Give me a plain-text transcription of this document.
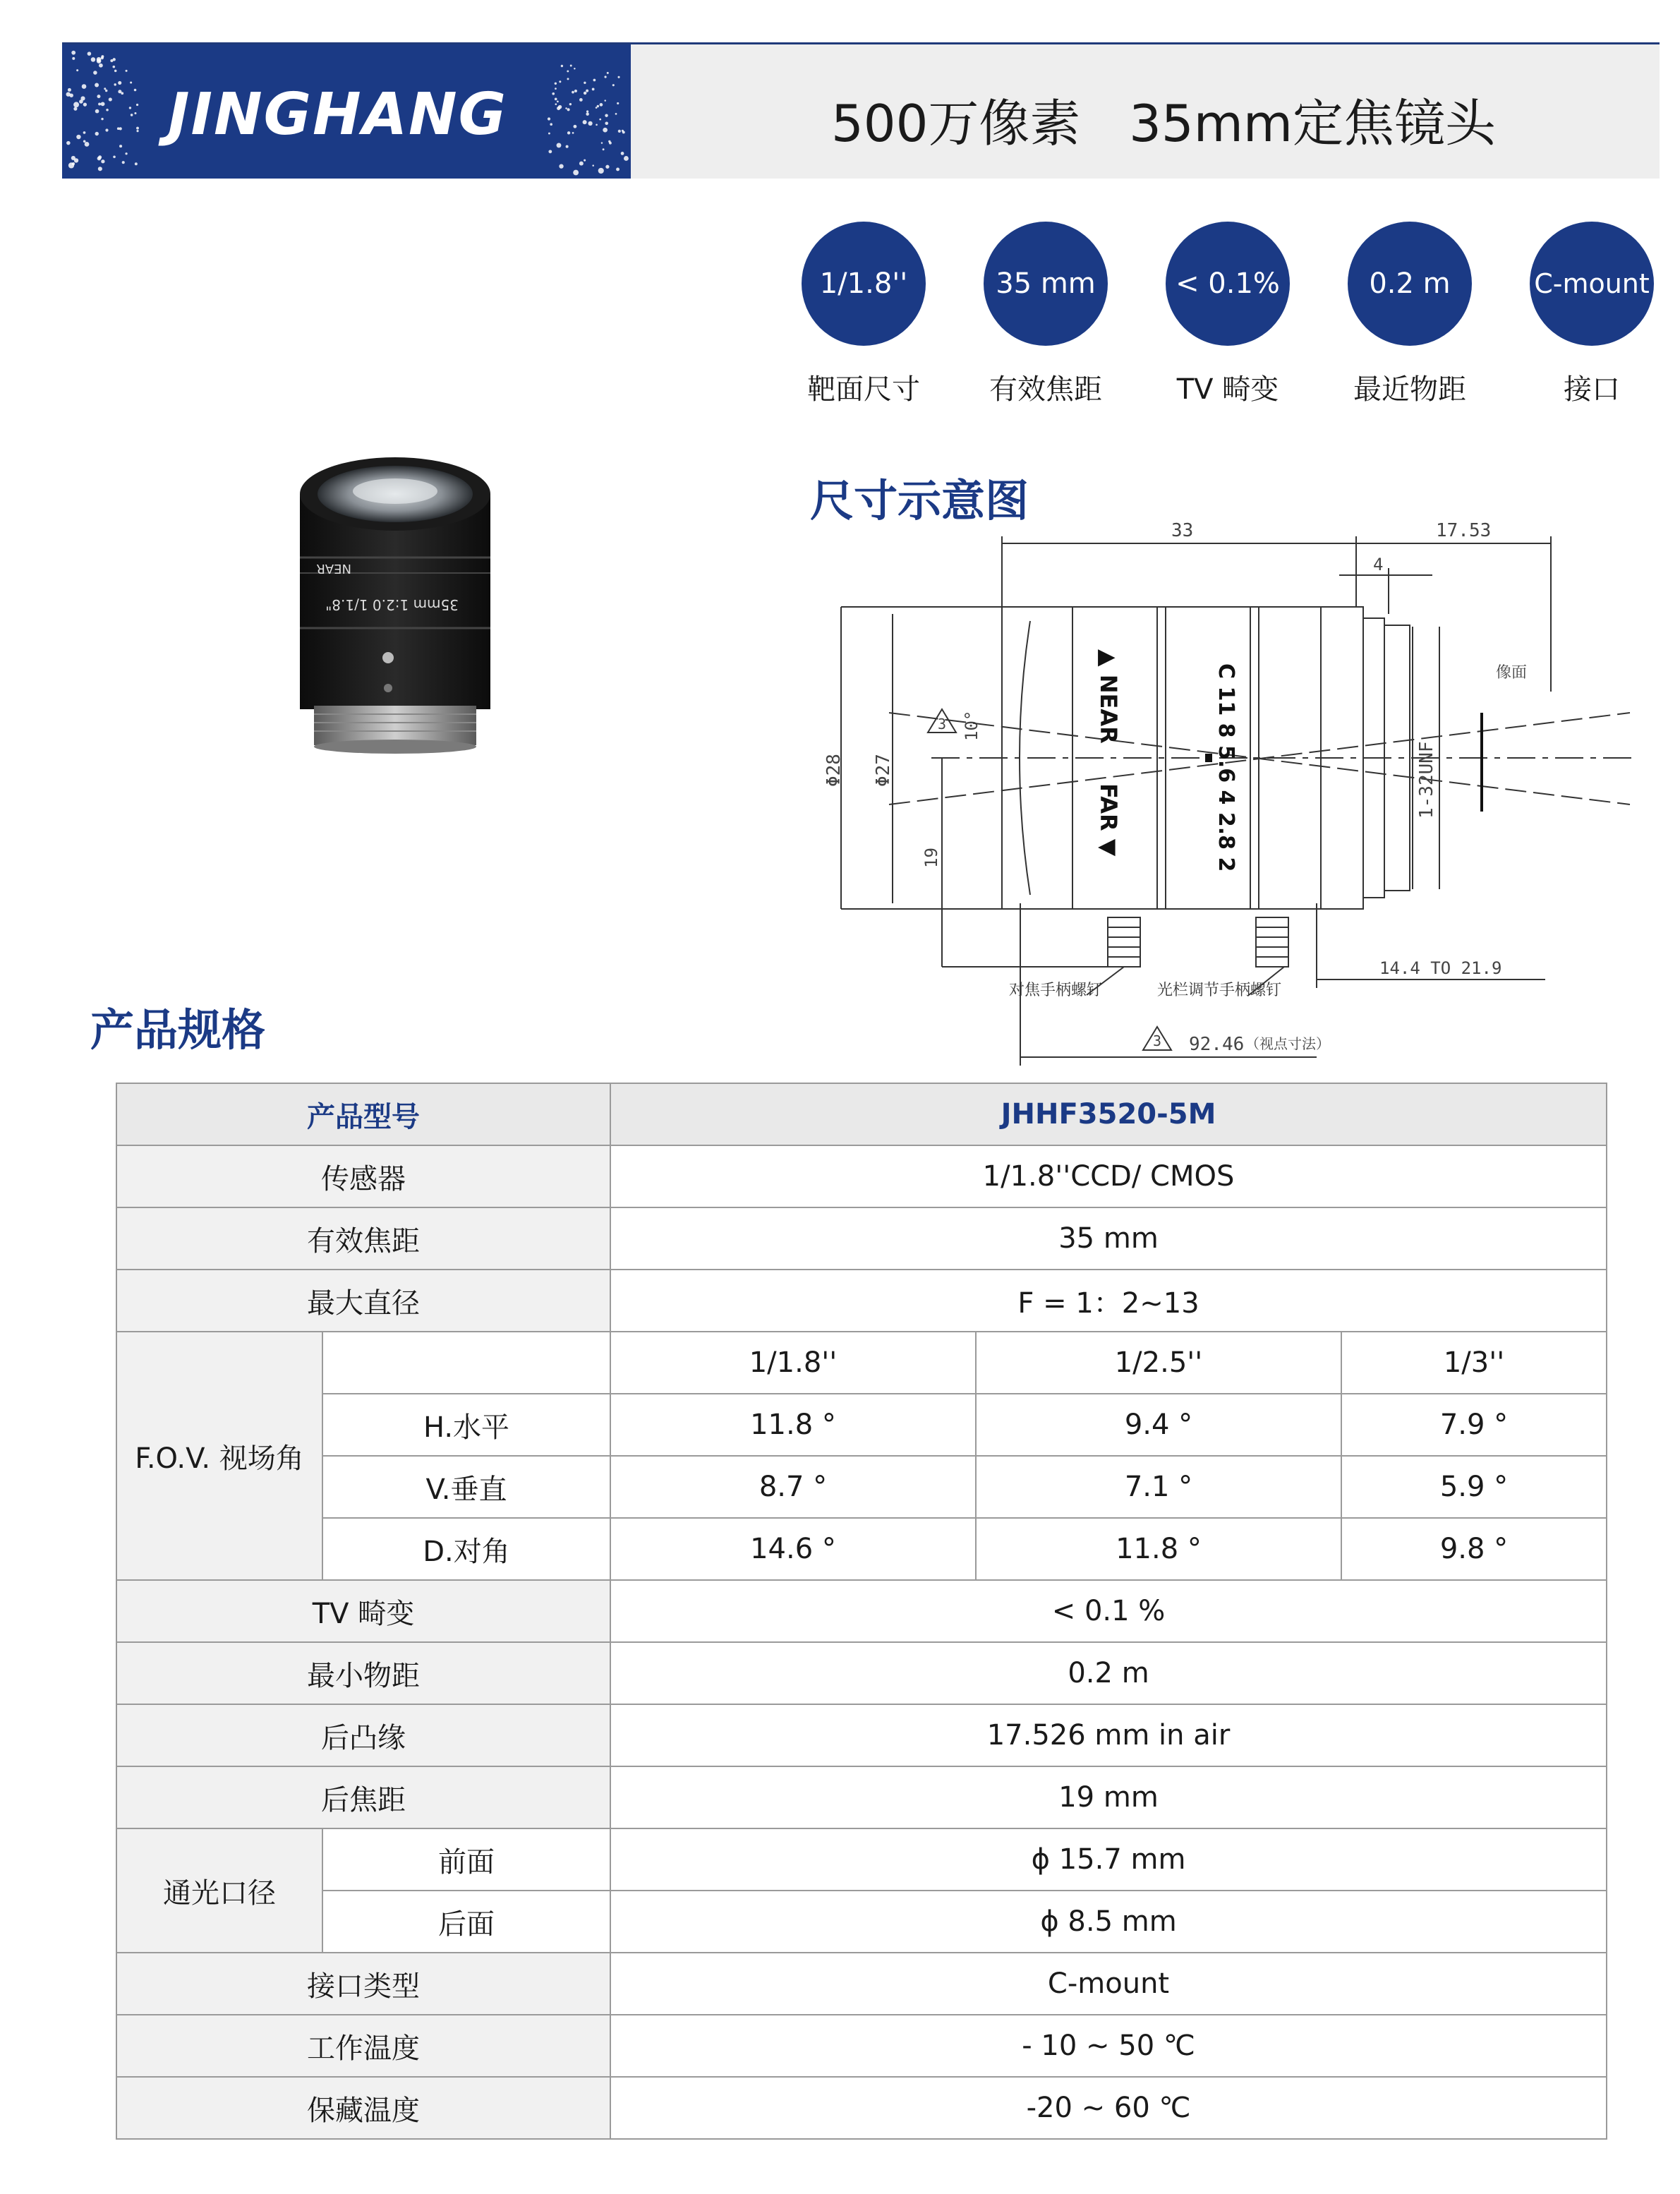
JINGHANG	500万像素   35mm定焦镜头
1/1.8''
靶面尺寸
35 mm
有效焦距
< 0.1%
TV 畸变
0.2 m
最近物距
C-mount
接口
NEAR
35mm 1:2.0 1/1.8"
尺寸示意图
33	17.53
4
Φ28 Φ27
10°
19
3
像面
1-32UNF
▲ NEAR
FAR ▼	C 11 8 5.6 4 2.8 2
对焦手柄螺钉	光栏调节手柄螺钉
14.4 TO 21.9
3 92.46 （视点寸法）
产品规格
产品型号		JHHF3520-5M		
传感器		1/1.8''CCD/ CMOS		
有效焦距		35 mm		
最大直径		F = 1：2~13		
F.O.V. 视场角		1/1.8''	1/2.5''	1/3''
	H.水平	11.8 °	9.4 °	7.9 °
	V.垂直	8.7 °	7.1 °	5.9 °
	D.对角	14.6 °	11.8 °	9.8 °
TV 畸变		< 0.1 %		
最小物距		0.2 m		
后凸缘		17.526 mm in air		
后焦距		19 mm		
通光口径	前面	ϕ 15.7 mm		
	后面	ϕ 8.5 mm		
接口类型		C-mount		
工作温度		- 10 ~ 50 ℃		
保藏温度		-20 ~ 60 ℃		
